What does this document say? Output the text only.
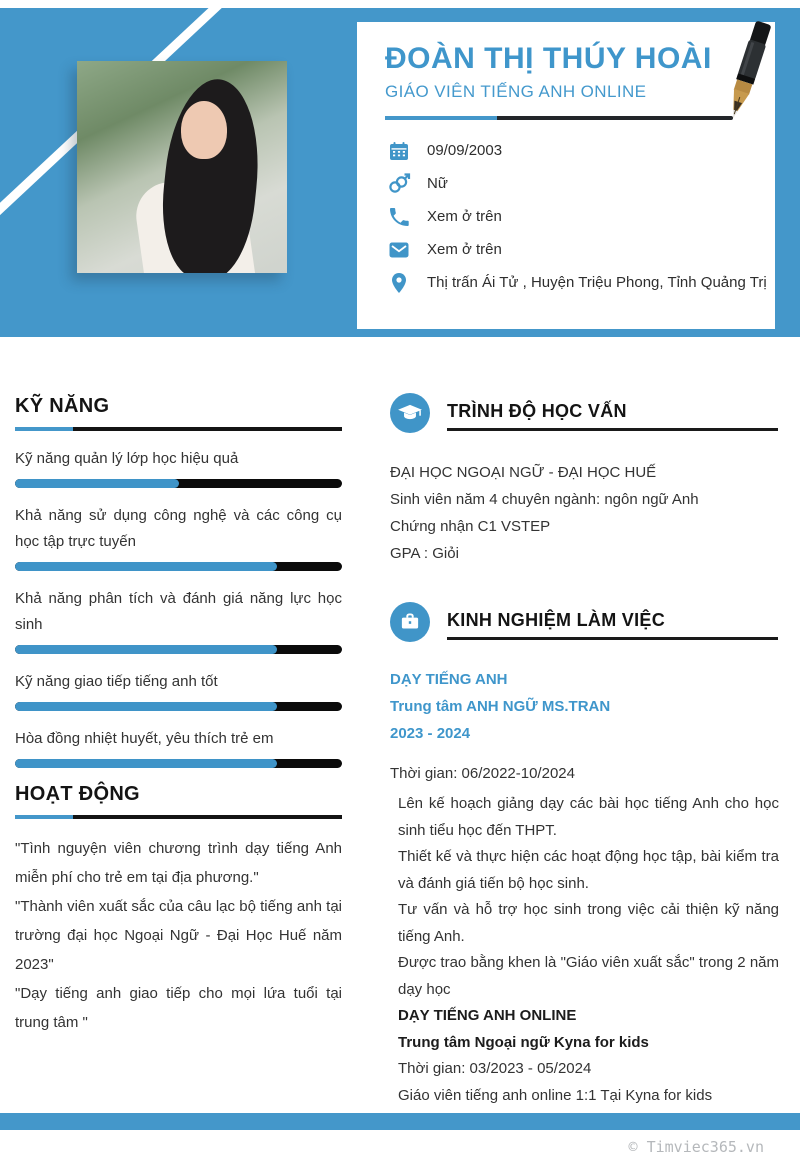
ĐOÀN THỊ THÚY HOÀI
GIÁO VIÊN TIẾNG ANH ONLINE
09/09/2003
Nữ
Xem ở trên
Xem ở trên
Thị trấn Ái Tử , Huyện Triệu Phong, Tỉnh Quảng Trị
KỸ NĂNG

Kỹ năng quản lý lớp học hiệu quả

Khả năng sử dụng công nghệ và các công cụ học tập trực tuyến

Khả năng phân tích và đánh giá năng lực học sinh

Kỹ năng giao tiếp tiếng anh tốt

Hòa đồng nhiệt huyết, yêu thích trẻ em

HOẠT ĐỘNG

"Tình nguyện viên chương trình dạy tiếng Anh miễn phí cho trẻ em tại địa phương."

"Thành viên xuất sắc của câu lạc bộ tiếng anh tại trường đại học Ngoại Ngữ - Đại Học Huế năm 2023"

"Dạy tiếng anh giao tiếp cho mọi lứa tuổi tại trung tâm "

TRÌNH ĐỘ HỌC VẤN

ĐẠI HỌC NGOẠI NGỮ - ĐẠI HỌC HUẾ

Sinh viên năm 4 chuyên ngành: ngôn ngữ Anh

Chứng nhận C1 VSTEP

GPA : Giỏi

KINH NGHIỆM LÀM VIỆC

DẠY TIẾNG ANH

Trung tâm ANH NGỮ MS.TRAN

2023 - 2024

Thời gian: 06/2022-10/2024

Lên kế hoạch giảng dạy các bài học tiếng Anh cho học sinh tiểu học đến THPT.

Thiết kế và thực hiện các hoạt động học tập, bài kiểm tra và đánh giá tiến bộ học sinh.

Tư vấn và hỗ trợ học sinh trong việc cải thiện kỹ năng tiếng Anh.

Được trao bằng khen là "Giáo viên xuất sắc" trong 2 năm dạy học

DẠY TIẾNG ANH ONLINE

Trung tâm Ngoại ngữ Kyna for kids

Thời gian: 03/2023 - 05/2024

Giáo viên tiếng anh online 1:1 Tại Kyna for kids

© Timviec365.vn
